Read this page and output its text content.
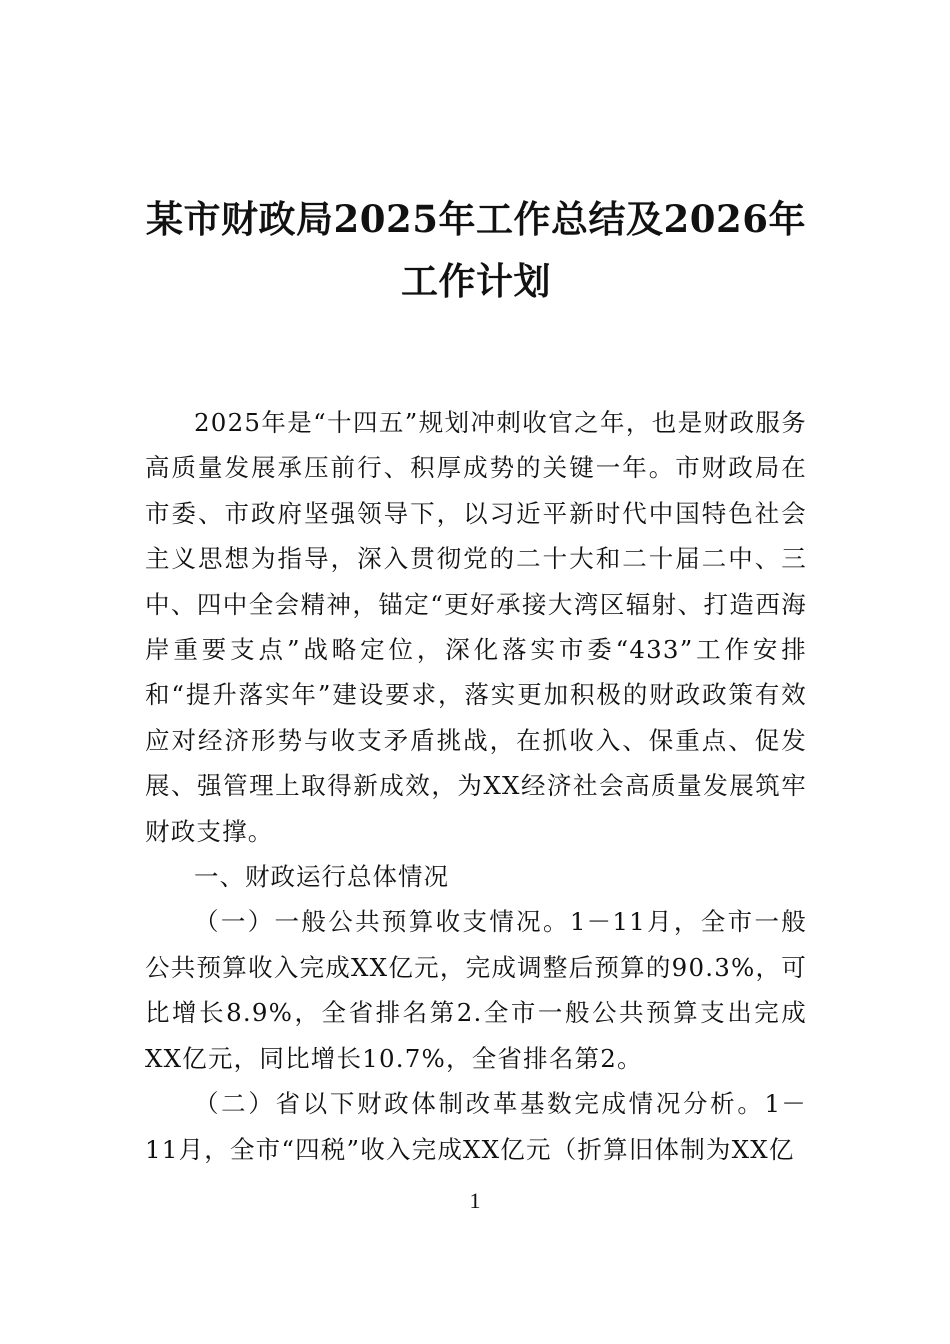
某市财政局2025年工作总结及2026年工作计划

2025年是“十四五”规划冲刺收官之年，也是财政服务高质量发展承压前行、积厚成势的关键一年。市财政局在市委、市政府坚强领导下，以习近平新时代中国特色社会主义思想为指导，深入贯彻党的二十大和二十届二中、三中、四中全会精神，锚定“更好承接大湾区辐射、打造西海岸重要支点”战略定位，深化落实市委“433”工作安排和“提升落实年”建设要求，落实更加积极的财政政策有效应对经济形势与收支矛盾挑战，在抓收入、保重点、促发展、强管理上取得新成效，为XX经济社会高质量发展筑牢财政支撑。

一、财政运行总体情况

（一）一般公共预算收支情况。1－11月，全市一般公共预算收入完成XX亿元，完成调整后预算的90.3%，可比增长8.9%，全省排名第2.全市一般公共预算支出完成XX亿元，同比增长10.7%，全省排名第2。

（二）省以下财政体制改革基数完成情况分析。1－11月，全市“四税”收入完成XX亿元（折算旧体制为XX亿

1
